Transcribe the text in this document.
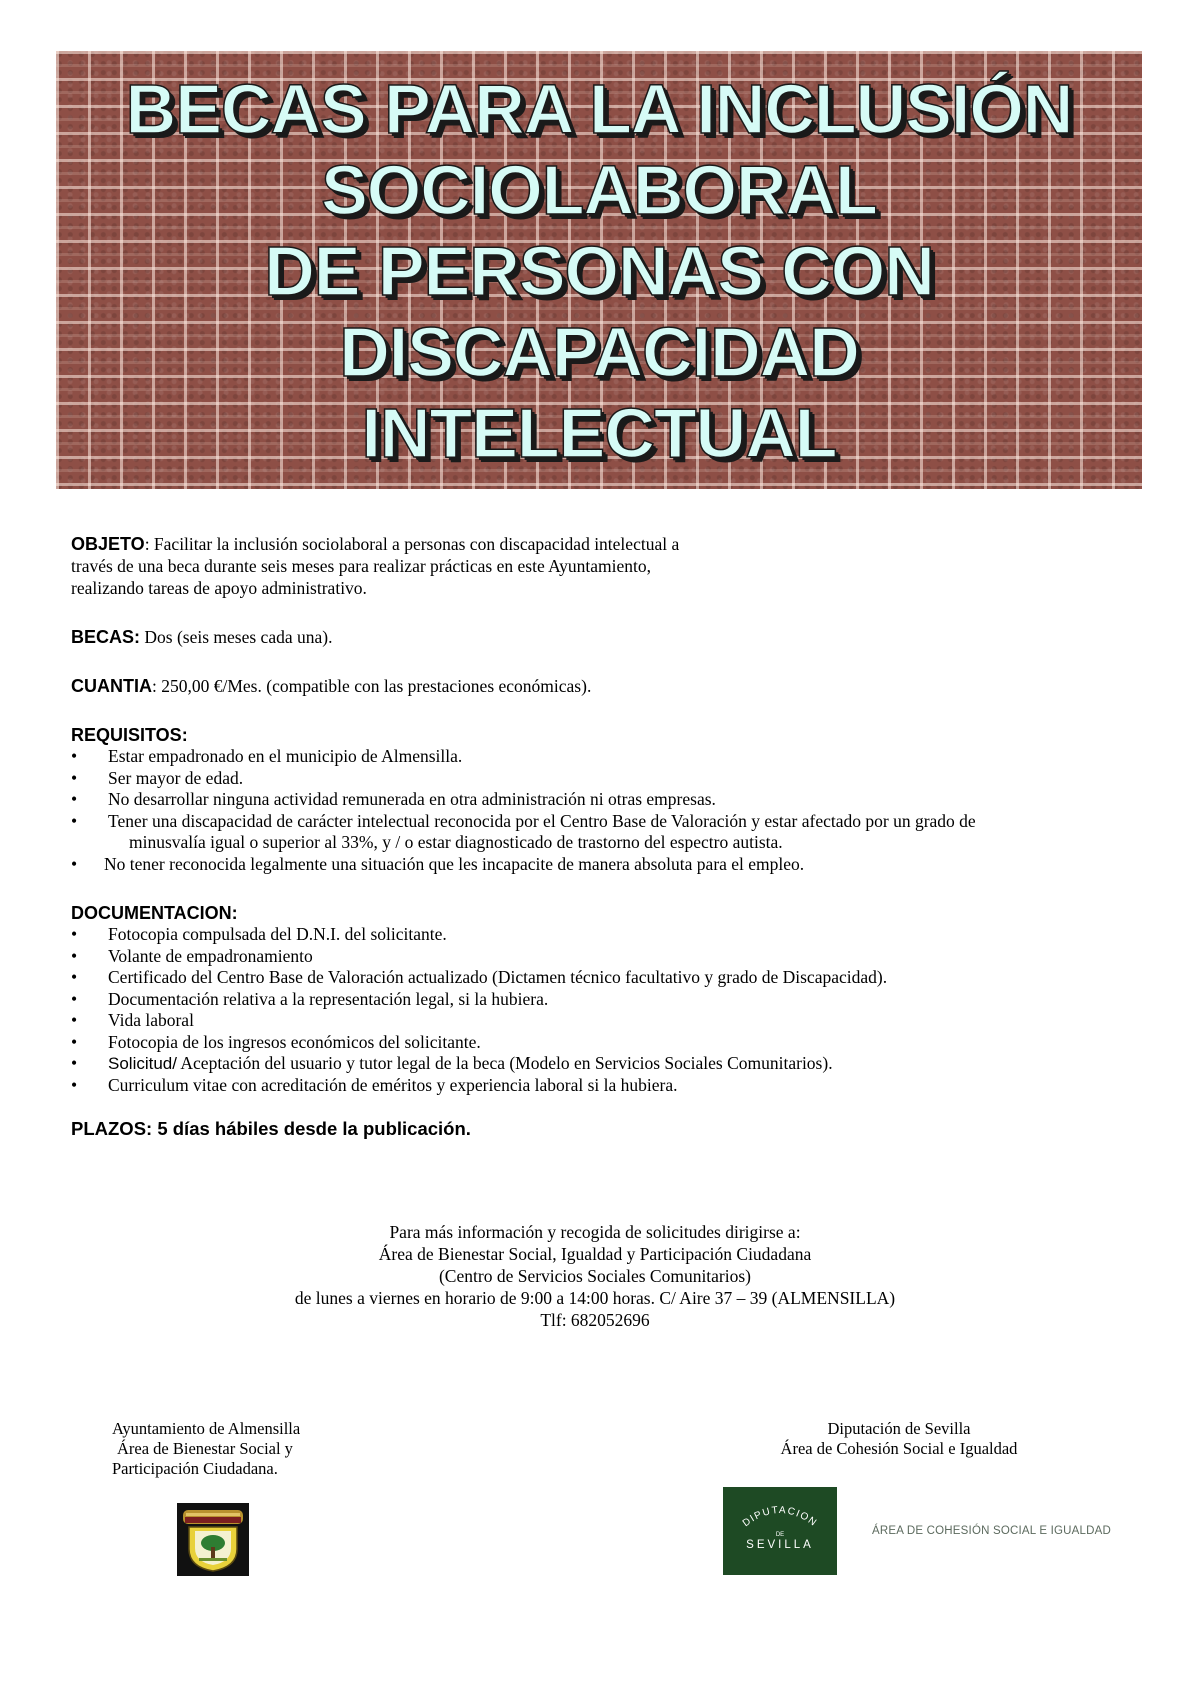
BECAS PARA LA INCLUSIÓN
SOCIOLABORAL
DE PERSONAS CON
DISCAPACIDAD
INTELECTUAL

OBJETO: Facilitar la inclusión sociolaboral a personas con discapacidad intelectual a

través de una beca durante seis meses para realizar prácticas en este Ayuntamiento,

realizando tareas de apoyo administrativo.

BECAS: Dos (seis meses cada una).

CUANTIA: 250,00 €/Mes. (compatible con las prestaciones económicas).

REQUISITOS:

• Estar empadronado en el municipio de Almensilla.
• Ser mayor de edad.
• No desarrollar ninguna actividad remunerada en otra administración ni otras empresas.
• Tener una discapacidad de carácter intelectual reconocida por el Centro Base de Valoración y estar afectado por un grado de
minusvalía igual o superior al 33%, y / o estar diagnosticado de trastorno del espectro autista.
• No tener reconocida legalmente una situación que les incapacite de manera absoluta para el empleo.

DOCUMENTACION:

• Fotocopia compulsada del D.N.I. del solicitante.
• Volante de empadronamiento
• Certificado del Centro Base de Valoración actualizado (Dictamen técnico facultativo y grado de Discapacidad).
• Documentación relativa a la representación legal, si la hubiera.
• Vida laboral
• Fotocopia de los ingresos económicos del solicitante.
• Solicitud/ Aceptación del usuario y tutor legal de la beca (Modelo en Servicios Sociales Comunitarios).
• Curriculum vitae con acreditación de eméritos y experiencia laboral si la hubiera.

PLAZOS: 5 días hábiles desde la publicación.

Para más información y recogida de solicitudes dirigirse a:
Área de Bienestar Social, Igualdad y Participación Ciudadana
(Centro de Servicios Sociales Comunitarios)
de lunes a viernes en horario de 9:00 a 14:00 horas. C/ Aire 37 – 39 (ALMENSILLA)
Tlf: 682052696
Ayuntamiento de Almensilla
Área de Bienestar Social y
Participación Ciudadana.
Diputación de Sevilla
Área de Cohesión Social e Igualdad
DIPUTACION
DE
SEVILLA
ÁREA DE COHESIÓN SOCIAL E IGUALDAD
